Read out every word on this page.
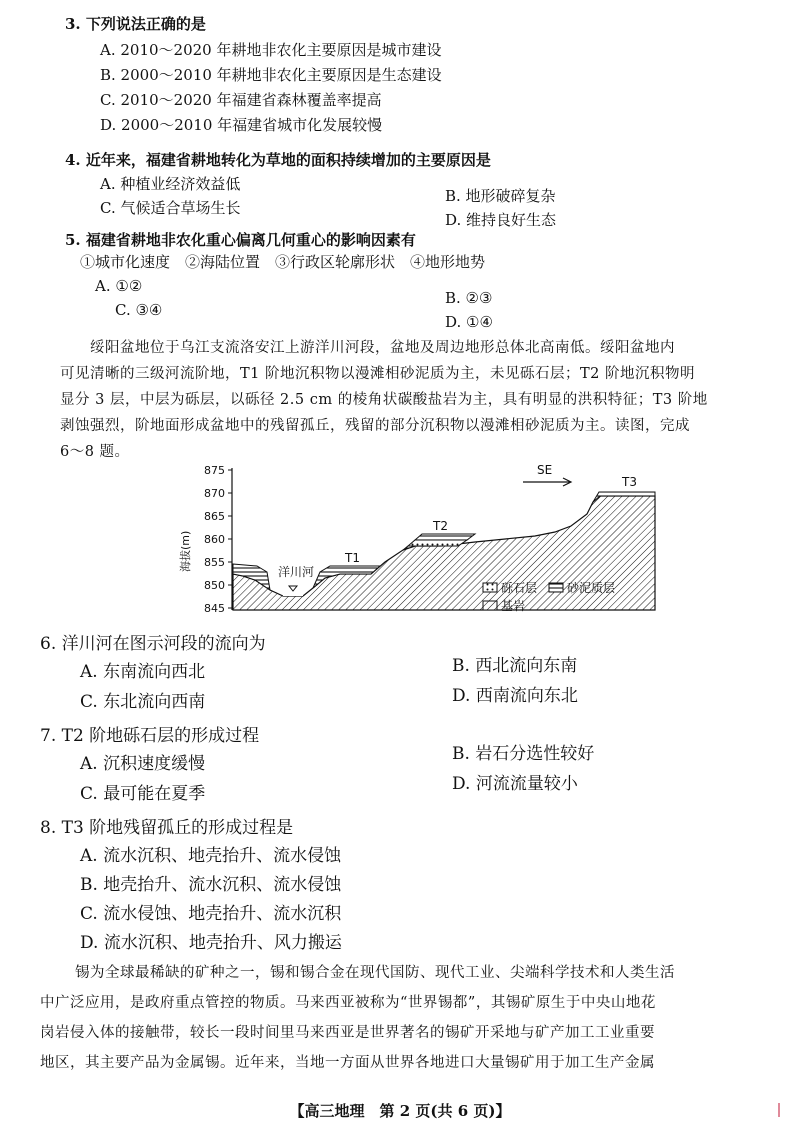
3. 下列说法正确的是
A. 2010～2020 年耕地非农化主要原因是城市建设
B. 2000～2010 年耕地非农化主要原因是生态建设
C. 2010～2020 年福建省森林覆盖率提高
D. 2000～2010 年福建省城市化发展较慢
4. 近年来，福建省耕地转化为草地的面积持续增加的主要原因是
A. 种植业经济效益低
B. 地形破碎复杂
C. 气候适合草场生长
D. 维持良好生态
5. 福建省耕地非农化重心偏离几何重心的影响因素有
①城市化速度　②海陆位置　③行政区轮廓形状　④地形地势
A. ①②
B. ②③
C. ③④
D. ①④
绥阳盆地位于乌江支流洛安江上游洋川河段，盆地及周边地形总体北高南低。绥阳盆地内
可见清晰的三级河流阶地，T1 阶地沉积物以漫滩相砂泥质为主，未见砾石层；T2 阶地沉积物明
显分 3 层，中层为砾层，以砾径 2.5 cm 的棱角状碳酸盐岩为主，具有明显的洪积特征；T3 阶地
剥蚀强烈，阶地面形成盆地中的残留孤丘，残留的部分沉积物以漫滩相砂泥质为主。读图，完成
6～8 题。
875
870
865
860
855
850
845
海拔(m)	洋川河
T1
T2
T3
SE
砾石层 砂泥质层
基岩
6. 洋川河在图示河段的流向为
A. 东南流向西北	B. 西北流向东南
C. 东北流向西南	D. 西南流向东北
7. T2 阶地砾石层的形成过程
A. 沉积速度缓慢	B. 岩石分选性较好
C. 最可能在夏季	D. 河流流量较小
8. T3 阶地残留孤丘的形成过程是
A. 流水沉积、地壳抬升、流水侵蚀
B. 地壳抬升、流水沉积、流水侵蚀
C. 流水侵蚀、地壳抬升、流水沉积
D. 流水沉积、地壳抬升、风力搬运
锡为全球最稀缺的矿种之一，锡和锡合金在现代国防、现代工业、尖端科学技术和人类生活
中广泛应用，是政府重点管控的物质。马来西亚被称为“世界锡都”，其锡矿原生于中央山地花
岗岩侵入体的接触带，较长一段时间里马来西亚是世界著名的锡矿开采地与矿产加工工业重要
地区，其主要产品为金属锡。近年来，当地一方面从世界各地进口大量锡矿用于加工生产金属
【高三地理　第 2 页(共 6 页)】
